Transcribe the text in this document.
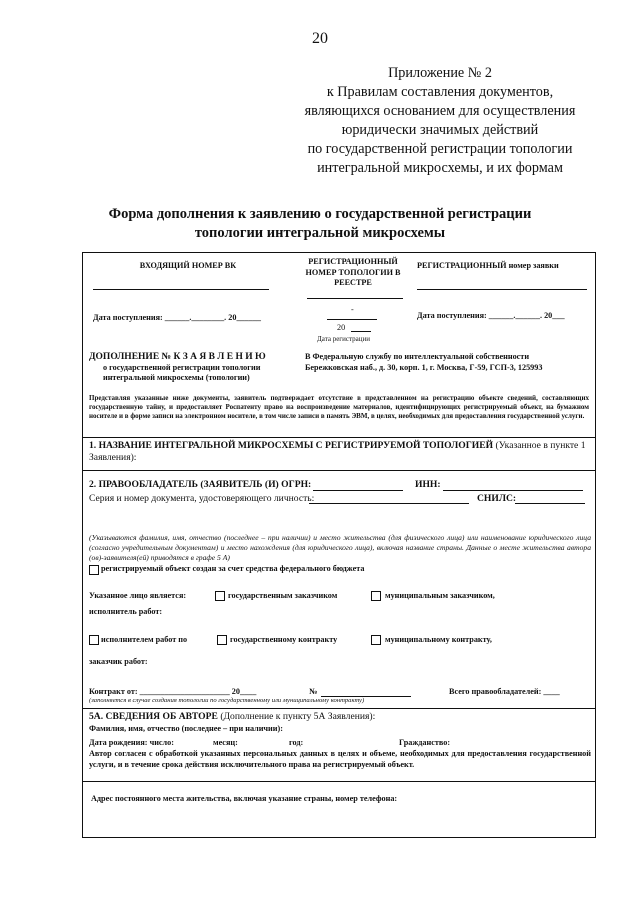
20
Приложение № 2
к Правилам составления документов,
являющихся основанием для осуществления
юридически значимых действий
по государственной регистрации топологии
интегральной микросхемы, и их формам
Форма дополнения к заявлению о государственной регистрации
топологии интегральной микросхемы
ВХОДЯЩИЙ НОМЕР ВК	РЕГИСТРАЦИОННЫЙ НОМЕР ТОПОЛОГИИ В РЕЕСТРЕ
РЕГИСТРАЦИОННЫЙ номер заявки
Дата поступления: ______.________. 20______
-
20
Дата регистрации
Дата поступления: ______.______. 20___
ДОПОЛНЕНИЕ № К З А Я В Л Е Н И Ю
о государственной регистрации топологии
интегральной микросхемы (топологии)
В Федеральную службу по интеллектуальной собственности
Бережковская наб., д. 30, корп. 1, г. Москва, Г-59, ГСП-3, 125993
Представляя указанные ниже документы, заявитель подтверждает отсутствие в представленном на регистрацию объекте сведений, составляющих государственную тайну, и предоставляет Роспатенту право на воспроизведение материалов, идентифицирующих регистрируемый объект, на бумажном носителе и в форме записи на электронном носителе, в том числе записи в память ЭВМ, в целях, необходимых для предоставления государственной услуги.
1. НАЗВАНИЕ ИНТЕГРАЛЬНОЙ МИКРОСХЕМЫ С РЕГИСТРИРУЕМОЙ ТОПОЛОГИЕЙ (Указанное в пункте 1 Заявления):
2. ПРАВООБЛАДАТЕЛЬ (ЗАЯВИТЕЛЬ (И) ОГРН:	ИНН:
Серия и номер документа, удостоверяющего личность:	СНИЛС:
(Указываются фамилия, имя, отчество (последнее – при наличии) и место жительства (для физического лица) или наименование юридического лица (согласно учредительным документам) и место нахождения (для юридического лица), включая название страны. Данные о месте жительства автора (ов)-заявителя(ей) приводятся в графе 5 А)
регистрируемый объект создан за счет средства федерального бюджета
Указанное лицо является:	государственным заказчиком	муниципальным заказчиком,
исполнитель работ:
исполнителем работ по	государственному контракту	муниципальному контракту,
заказчик работ:
Контракт от: ______________________ 20____	№	Всего правообладателей: ____
(заполняется в случае создания топологии по государственному или муниципальному контракту)
5А. СВЕДЕНИЯ ОБ АВТОРЕ (Дополнение к пункту 5А Заявления):
Фамилия, имя, отчество (последнее – при наличии):
Дата рождения: число:	месяц:	год:	Гражданство:
Автор согласен с обработкой указанных персональных данных в целях и объеме, необходимых для предоставления государственной услуги, и в течение срока действия исключительного права на регистрируемый объект.
Адрес постоянного места жительства, включая указание страны, номер телефона:
